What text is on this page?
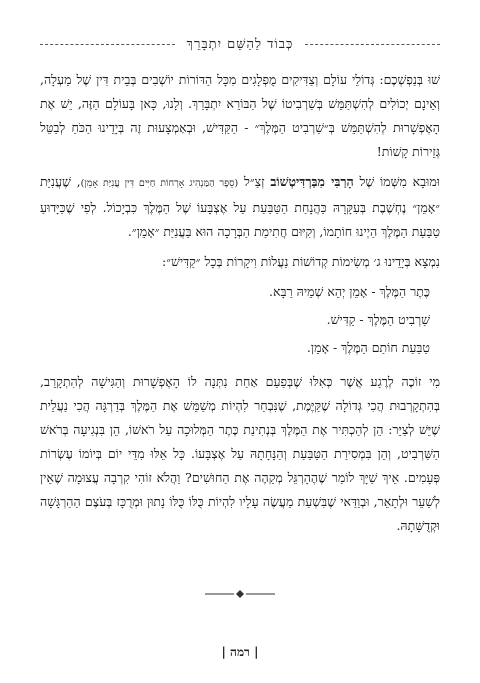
כְּבוֹד לַהַשֵּׁם יִתְבָּרֵךְ

שׁוּ בְּנַפְשְׁכֶם: גְּדוֹלֵי עוֹלָם וְצַדִּיקִים מֻפְלָגִים מִכָּל הַדּוֹרוֹת יוֹשְׁבִים בְּבֵית דִּין שֶׁל מַעְלָה, וְאֵינָם יְכוֹלִים לְהִשְׁתַּמֵּשׁ בְּשַׁרְבִיטוֹ שֶׁל הַבּוֹרֵא יִתְבָּרַךְ. וְלָנוּ, כָּאן בָּעוֹלָם הַזֶּה, יֵשׁ אֶת הָאֶפְשָׁרוּת לְהִשְׁתַּמֵּשׁ בְּ״שַׁרְבִיט הַמֶּלֶךְ״ - הַקַּדִּישׁ, וּבְאַמְצָעוּת זֶה בְּיָדֵינוּ הַכֹּחַ לְבַטֵּל גְּזֵירוֹת קָשׁוֹת!

וּמוּבָא מִשְּׁמוֹ שֶׁל הָרַבִּי מִבַּרְדִּיטְשׁוֹב זְצַ״ל (סֵפֶר הַמַּנְהִיג אָרְחוֹת חַיִּים דִּין עֲנִיַּת אָמֵן), שֶׁעֲנִיַּת ״אָמֵן״ נֶחְשֶׁבֶת בְּעִקָּרָהּ כַּהֲנָחַת הַטַּבַּעַת עַל אֶצְבָּעוֹ שֶׁל הַמֶּלֶךְ כִּבְיָכוֹל. לְפִי שֶׁכַּיָּדוּעַ טַבַּעַת הַמֶּלֶךְ הַיְינוּ חוֹתָמוֹ, וְקִיּוּם חֲתִימַת הַבְּרָכָה הוּא בַּעֲנִיַּת ״אָמֵן״.

נִמְצָא בְּיָדֵינוּ ג׳ מְשִׂימוֹת קְדוֹשׁוֹת נַעֲלוֹת וִיקָרוֹת בְּכָל ״קַדִּישׁ״:

כֶּתֶר הַמֶּלֶךְ - אָמֵן יְהֵא שְׁמֵיהּ רַבָּא.

שַׁרְבִיט הַמֶּלֶךְ - קַדִּישׁ.

טַבַּעַת חוֹתַם הַמֶּלֶךְ - אָמֵן.

מִי זוֹכֶה לְרֶגַע אֲשֶׁר כְּאִלּוּ שֶׁבְּפַעַם אַחַת נִתְּנָה לוֹ הָאֶפְשָׁרוּת וְהַגִּישָׁה לְהִתְקָרֵב, בְּהִתְקָרְבוּת הֲכִי גְּדוֹלָה שֶׁקַּיֶּמֶת, שֶׁנִּבְחַר לִהְיוֹת מְשַׁמֵּשׁ אֶת הַמֶּלֶךְ בְּדַרְגָּה הֲכִי נַעֲלֵית שֶׁיֵּשׁ לְצַיֵּר: הֵן לְהַכְתִּיר אֶת הַמֶּלֶךְ בְּנְתִינַת כֶּתֶר הַמְּלוּכָה עַל רֹאשׁוֹ, הֵן בִּנְגִיעָה בְּרֹאשׁ הַשַּׁרְבִיט, וְהֵן בִּמְסִירַת הַטַּבַּעַת וְהַנָּחָתָהּ עַל אֶצְבָּעוֹ. כָּל אֵלּוּ מִדֵּי יוֹם בְּיוֹמוֹ עֶשְׂרוֹת פְּעָמִים. אֵיךְ שַׁיָּךְ לוֹמַר שֶׁהֶהָרְגֵּל מְקַהֶה אֶת הַחוּשִׁים? וַהֲלֹא זוֹהִי קִרְבָה עֲצוּמָה שֶׁאֵין לְשַׁעֵר וּלְתָאֵר, וּבְוַדַּאי שֶׁבִּשְׁעַת מַעֲשֶׂה עָלָיו לִהְיוֹת כֻּלּוֹ כֻּלּוֹ נָתוּן וּמְרֻכָּז בְּעֹצֶם הַהַרְגָּשָׁה וּקְדֻשָּׁתָהּ.

| רמה |
